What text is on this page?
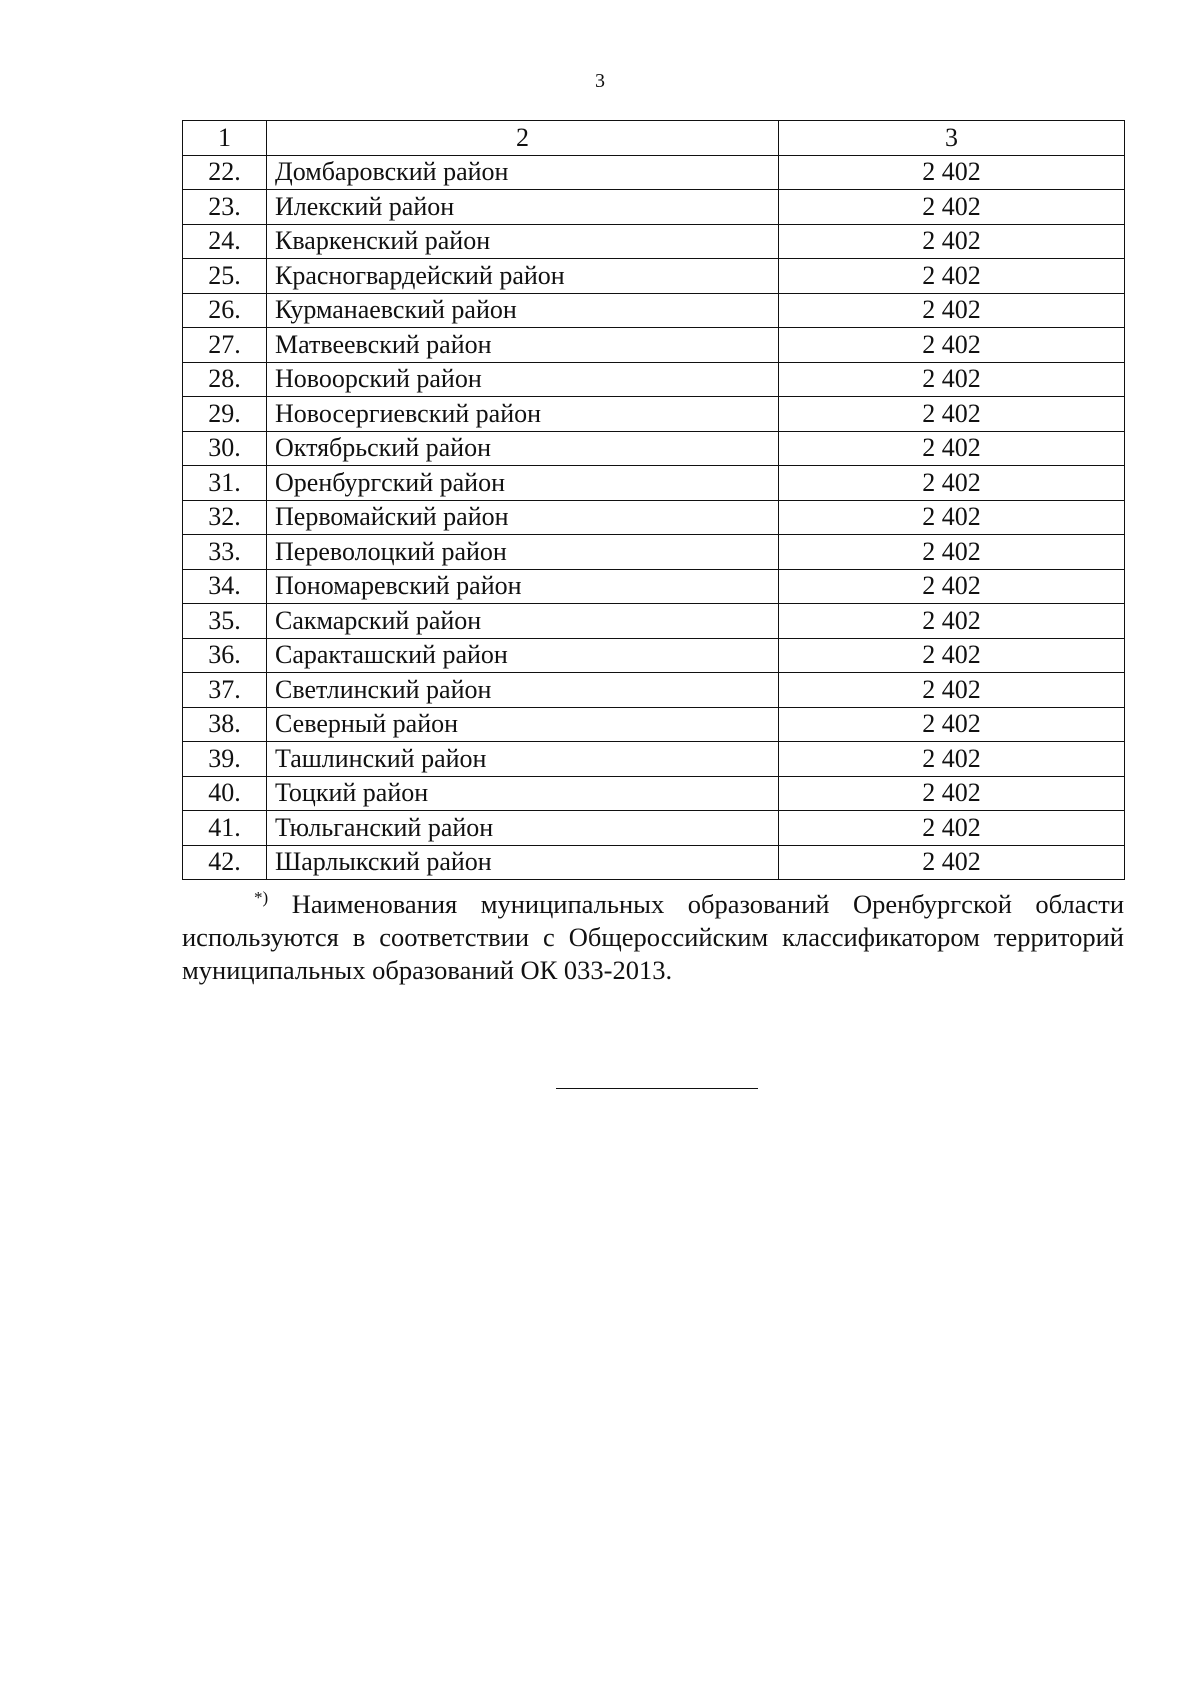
3
1	2	3
22.	Домбаровский район	2 402
23.	Илекский район	2 402
24.	Кваркенский район	2 402
25.	Красногвардейский район	2 402
26.	Курманаевский район	2 402
27.	Матвеевский район	2 402
28.	Новоорский район	2 402
29.	Новосергиевский район	2 402
30.	Октябрьский район	2 402
31.	Оренбургский район	2 402
32.	Первомайский район	2 402
33.	Переволоцкий район	2 402
34.	Пономаревский район	2 402
35.	Сакмарский район	2 402
36.	Саракташский район	2 402
37.	Светлинский район	2 402
38.	Северный район	2 402
39.	Ташлинский район	2 402
40.	Тоцкий район	2 402
41.	Тюльганский район	2 402
42.	Шарлыкский район	2 402

*) Наименования муниципальных образований Оренбургской области используются в соответствии с Общероссийским классификатором территорий муниципальных образований ОК 033-2013.
